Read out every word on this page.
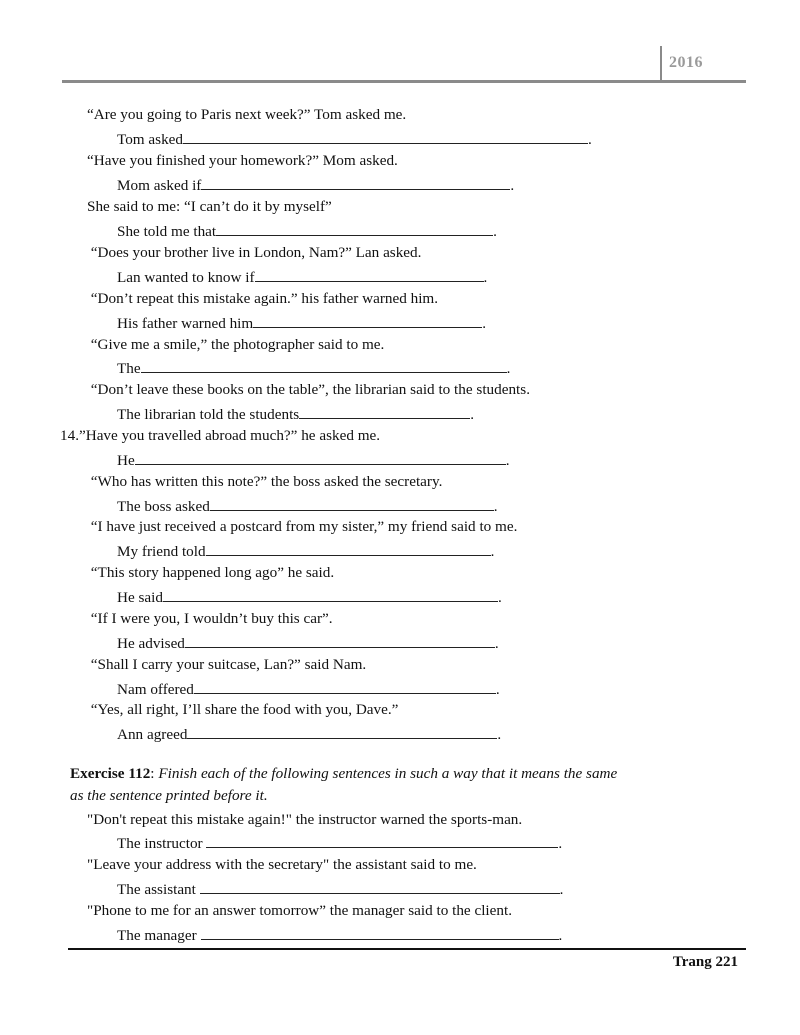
2016
“Are you going to Paris next week?” Tom asked me.
Tom asked	.
“Have you finished your homework?” Mom asked.
Mom asked if	.
She said to me: “I can’t do it by myself”
She told me that	.
“Does your brother live in London, Nam?” Lan asked.
Lan wanted to know if	.
“Don’t repeat this mistake again.” his father warned him.
His father warned him	.
“Give me a smile,” the photographer said to me.
The	.
“Don’t leave these books on the table”, the librarian said to the students.
The librarian told the students	.
14.”Have you travelled abroad much?” he asked me.
He	.
“Who has written this note?” the boss asked the secretary.
The boss asked	.
“I have just received a postcard from my sister,” my friend said to me.
My friend told	.
“This story happened long ago” he said.
He said	.
“If I were you, I wouldn’t buy this car”.
He advised	.
“Shall I carry your suitcase, Lan?” said Nam.
Nam offered	.
“Yes, all right, I’ll share the food with you, Dave.”
Ann agreed	.
Exercise 112: Finish each of the following sentences in such a way that it means the same
as the sentence printed before it.
"Don't repeat this mistake again!" the instructor warned the sports-man.
The instructor	.
"Leave your address with the secretary" the assistant said to me.
The assistant	.
"Phone to me for an answer tomorrow” the manager said to the client.
The manager	.
Trang 221
